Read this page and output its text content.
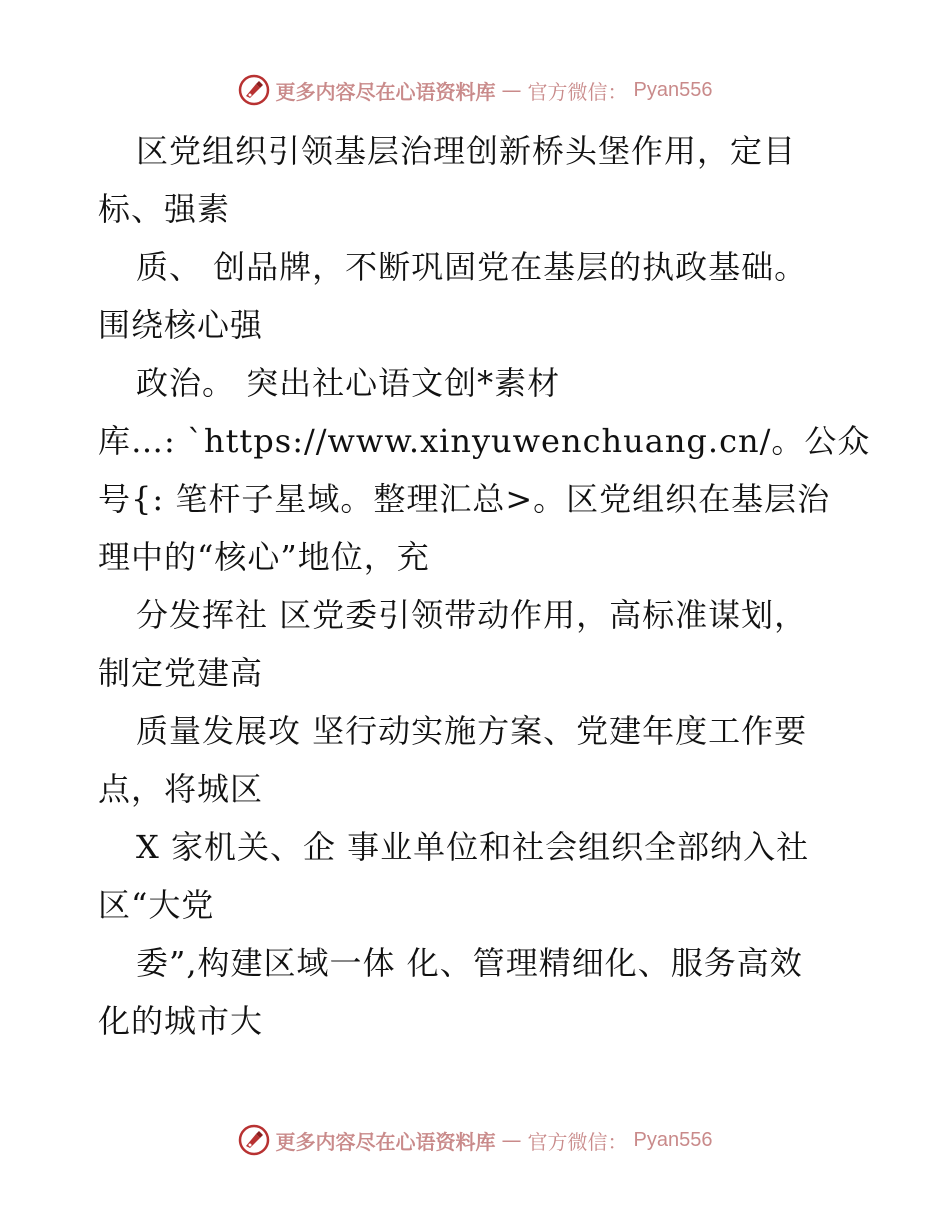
更多内容尽在心语资料库 — 官方微信： Pyan556
区党组织引领基层治理创新桥头堡作用，定目
标、强素
质、 创品牌，不断巩固党在基层的执政基础。
围绕核心强
政治。 突出社心语文创*素材
库…: `https://www.xinyuwenchuang.cn/。公众
号{: 笔杆子星域。整理汇总>。区党组织在基层治
理中的“核心”地位，充
分发挥社 区党委引领带动作用，高标准谋划，
制定党建高
质量发展攻 坚行动实施方案、党建年度工作要
点，将城区
X 家机关、企 事业单位和社会组织全部纳入社
区“大党
委”,构建区域一体 化、管理精细化、服务高效
化的城市大
更多内容尽在心语资料库 — 官方微信： Pyan556
